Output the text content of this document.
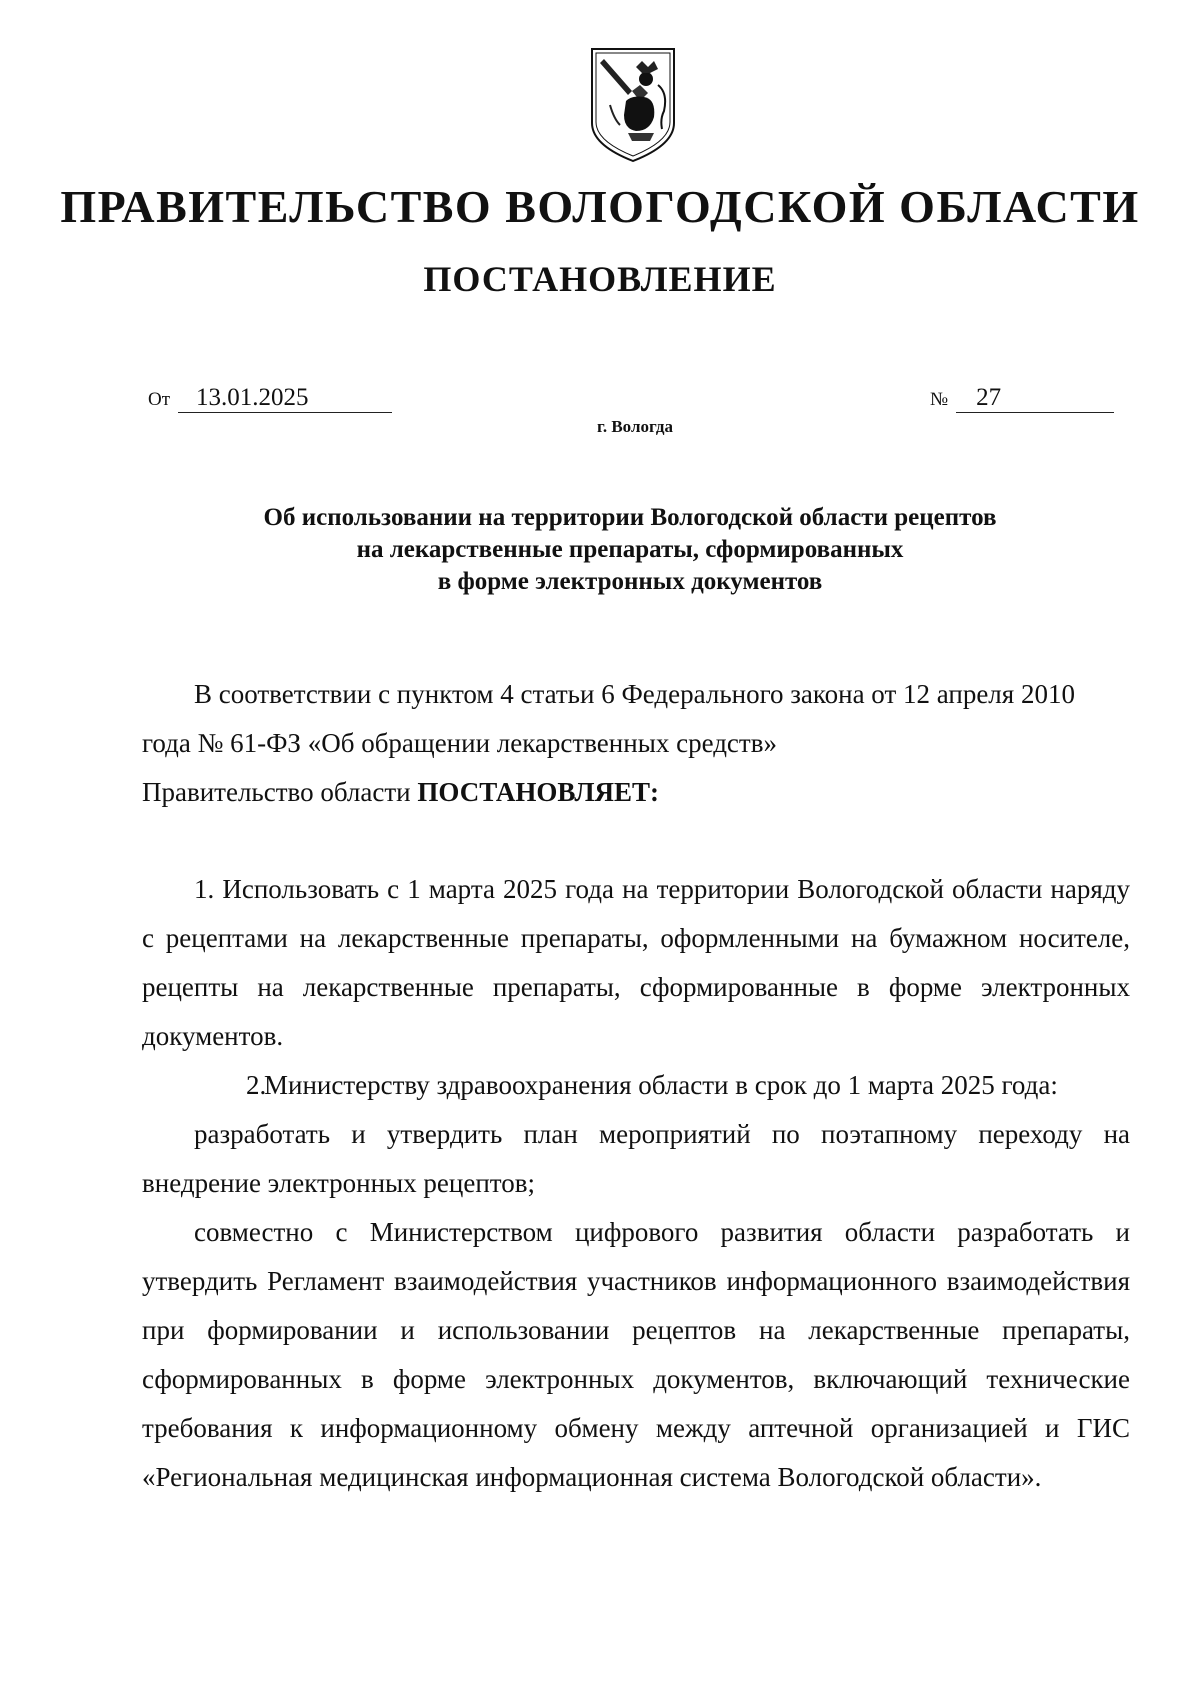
ПРАВИТЕЛЬСТВО ВОЛОГОДСКОЙ ОБЛАСТИ
ПОСТАНОВЛЕНИЕ
От 13.01.2025	№ 27
г. Вологда
Об использовании на территории Вологодской области рецептов
на лекарственные препараты, сформированных
в форме электронных документов

В соответствии с пунктом 4 статьи 6 Федерального закона от 12 апреля 2010

года № 61-ФЗ «Об обращении лекарственных средств»

Правительство области ПОСТАНОВЛЯЕТ:

1. Использовать с 1 марта 2025 года на территории Вологодской области наряду с рецептами на лекарственные препараты, оформленными на бумажном носителе, рецепты на лекарственные препараты, сформированные в форме электронных документов.

2.Министерству здравоохранения области в срок до 1 марта 2025 года:

разработать и утвердить план мероприятий по поэтапному переходу на внедрение электронных рецептов;

совместно с Министерством цифрового развития области разработать и утвердить Регламент взаимодействия участников информационного взаимодействия при формировании и использовании рецептов на лекарственные препараты, сформированных в форме электронных документов, включающий технические требования к информационному обмену между аптечной организацией и ГИС «Региональная медицинская информационная система Вологодской области».
